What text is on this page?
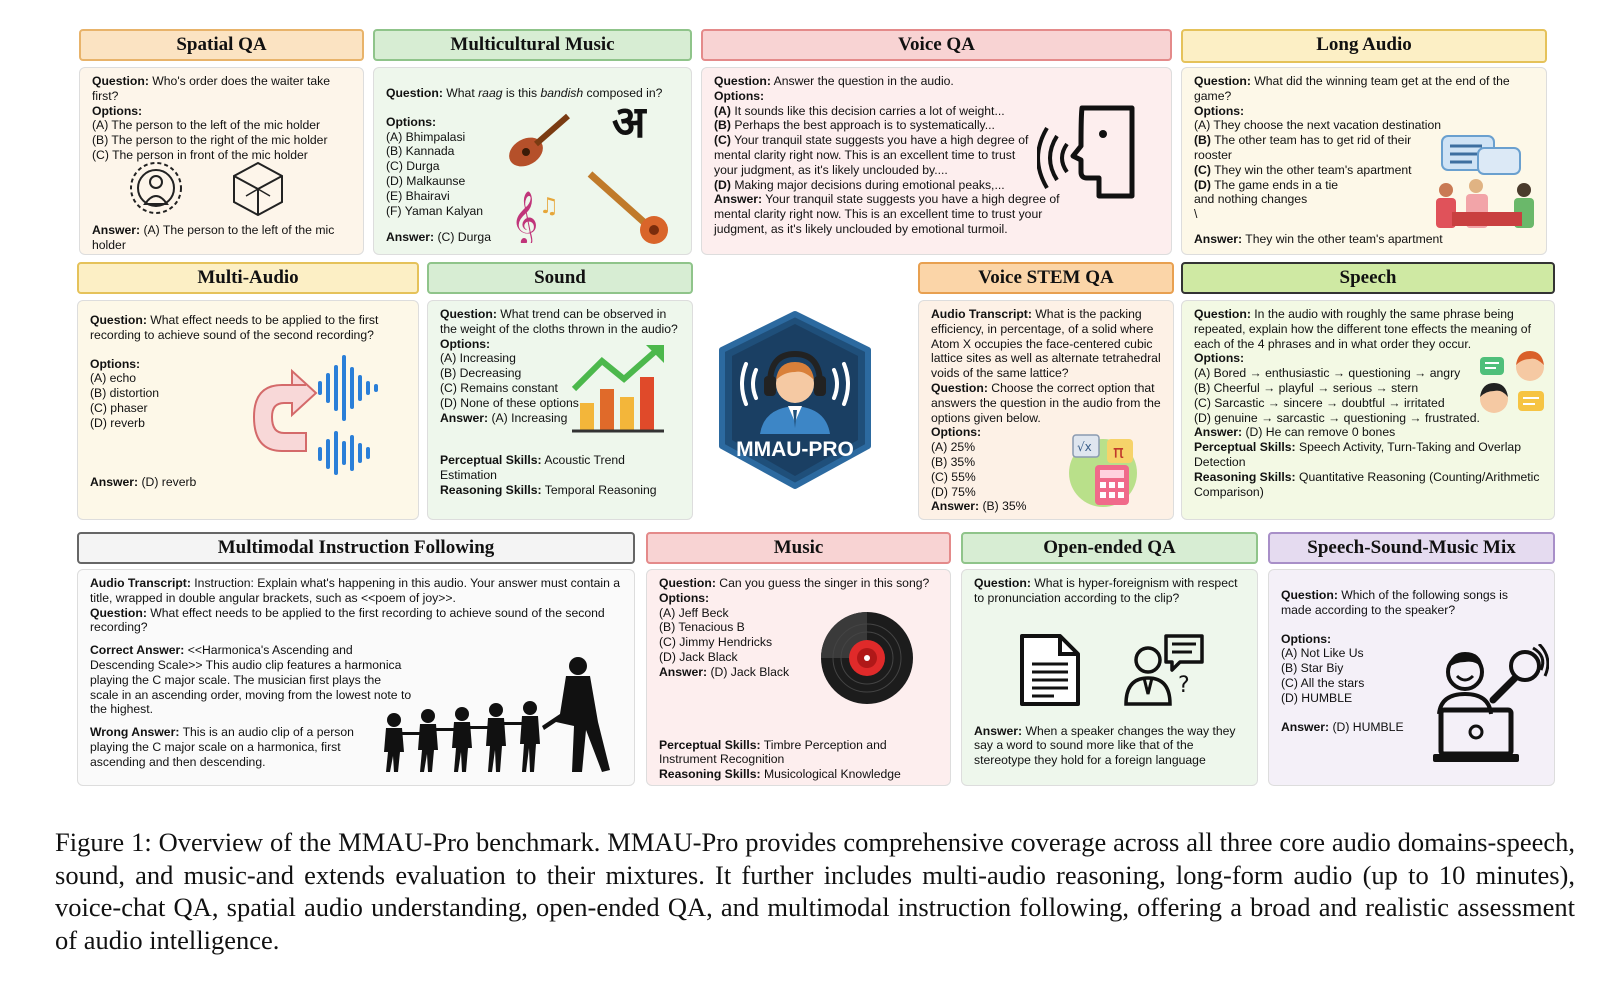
Spatial QA
Question: Who's order does the waiter take first?
Options:
(A) The person to the left of the mic holder
(B) The person to the right of the mic holder
(C) The person in front of the mic holder
Answer: (A) The person to the left of the mic holder
Multicultural Music
Question: What raag is this bandish composed in?
Options:
(A) Bhimpalasi
(B) Kannada
(C) Durga
(D) Malkaunse
(E) Bhairavi
(F) Yaman Kalyan
Answer: (C) Durga 𝄞 ♫
अ
Voice QA
Question: Answer the question in the audio.
Options:
(A) It sounds like this decision carries a lot of weight...
(B) Perhaps the best approach is to systematically...
(C) Your tranquil state suggests you have a high degree of mental clarity right now. This is an excellent time to trust your judgment, as it's likely unclouded by....
(D) Making major decisions during emotional peaks,...
Answer: Your tranquil state suggests you have a high degree of mental clarity right now. This is an excellent time to trust your judgment, as it's likely unclouded by emotional turmoil.
Long Audio
Question: What did the winning team get at the end of the game?
Options:
(A) They choose the next vacation destination
(B) The other team has to get rid of their rooster
(C) They win the other team's apartment
(D) The game ends in a tie and nothing changes
\
Answer: They win the other team's apartment
Multi-Audio
Question: What effect needs to be applied to the first recording to achieve sound of the second recording?
Options:
(A) echo
(B) distortion
(C) phaser
(D) reverb
Answer: (D) reverb
Sound
Question: What trend can be observed in the weight of the cloths thrown in the audio?
Options:
(A) Increasing
(B) Decreasing
(C) Remains constant
(D) None of these options
Answer: (A) Increasing
Perceptual Skills: Acoustic Trend Estimation
Reasoning Skills: Temporal Reasoning
MMAU-PRO
Voice STEM QA
Audio Transcript: What is the packing efficiency, in percentage, of a solid where Atom X occupies the face-centered cubic lattice sites as well as alternate tetrahedral voids of the same lattice?
Question: Choose the correct option that answers the question in the audio from the options given below.
Options:
(A) 25%
(B) 35%
(C) 55%
(D) 75%
Answer: (B) 35%
√x π
Speech
Question: In the audio with roughly the same phrase being repeated, explain how the different tone effects the meaning of each of the 4 phrases and in what order they occur.
Options:
(A) Bored → enthusiastic → questioning → angry
(B) Cheerful → playful → serious → stern
(C) Sarcastic → sincere → doubtful → irritated
(D) genuine → sarcastic → questioning → frustrated.
Answer: (D) He can remove 0 bones
Perceptual Skills: Speech Activity, Turn-Taking and Overlap Detection
Reasoning Skills: Quantitative Reasoning (Counting/Arithmetic Comparison)
Multimodal Instruction Following
Audio Transcript: Instruction: Explain what's happening in this audio. Your answer must contain a title, wrapped in double angular brackets, such as <<poem of joy>>.
Question: What effect needs to be applied to the first recording to achieve sound of the second recording?
Correct Answer: <<Harmonica's Ascending and Descending Scale>> This audio clip features a harmonica playing the C major scale. The musician first plays the scale in an ascending order, moving from the lowest note to the highest.
Wrong Answer: This is an audio clip of a person playing the C major scale on a harmonica, first ascending and then descending.
Music
Question: Can you guess the singer in this song?
Options:
(A) Jeff Beck
(B) Tenacious B
(C) Jimmy Hendricks
(D) Jack Black
Answer: (D) Jack Black
Perceptual Skills: Timbre Perception and Instrument Recognition
Reasoning Skills: Musicological Knowledge
Open-ended QA
Question: What is hyper-foreignism with respect to pronunciation according to the clip?
Answer: When a speaker changes the way they say a word to sound more like that of the stereotype they hold for a foreign language
?
Speech-Sound-Music Mix
Question: Which of the following songs is made according to the speaker?
Options:
(A) Not Like Us
(B) Star Biy
(C) All the stars
(D) HUMBLE
Answer: (D) HUMBLE
Figure 1: Overview of the MMAU-Pro benchmark. MMAU-Pro provides comprehensive coverage across all three core audio domains-speech, sound, and music-and extends evaluation to their mixtures. It further includes multi-audio reasoning, long-form audio (up to 10 minutes), voice-chat QA, spatial audio understanding, open-ended QA, and multimodal instruction following, offering a broad and realistic assessment of audio intelligence.
